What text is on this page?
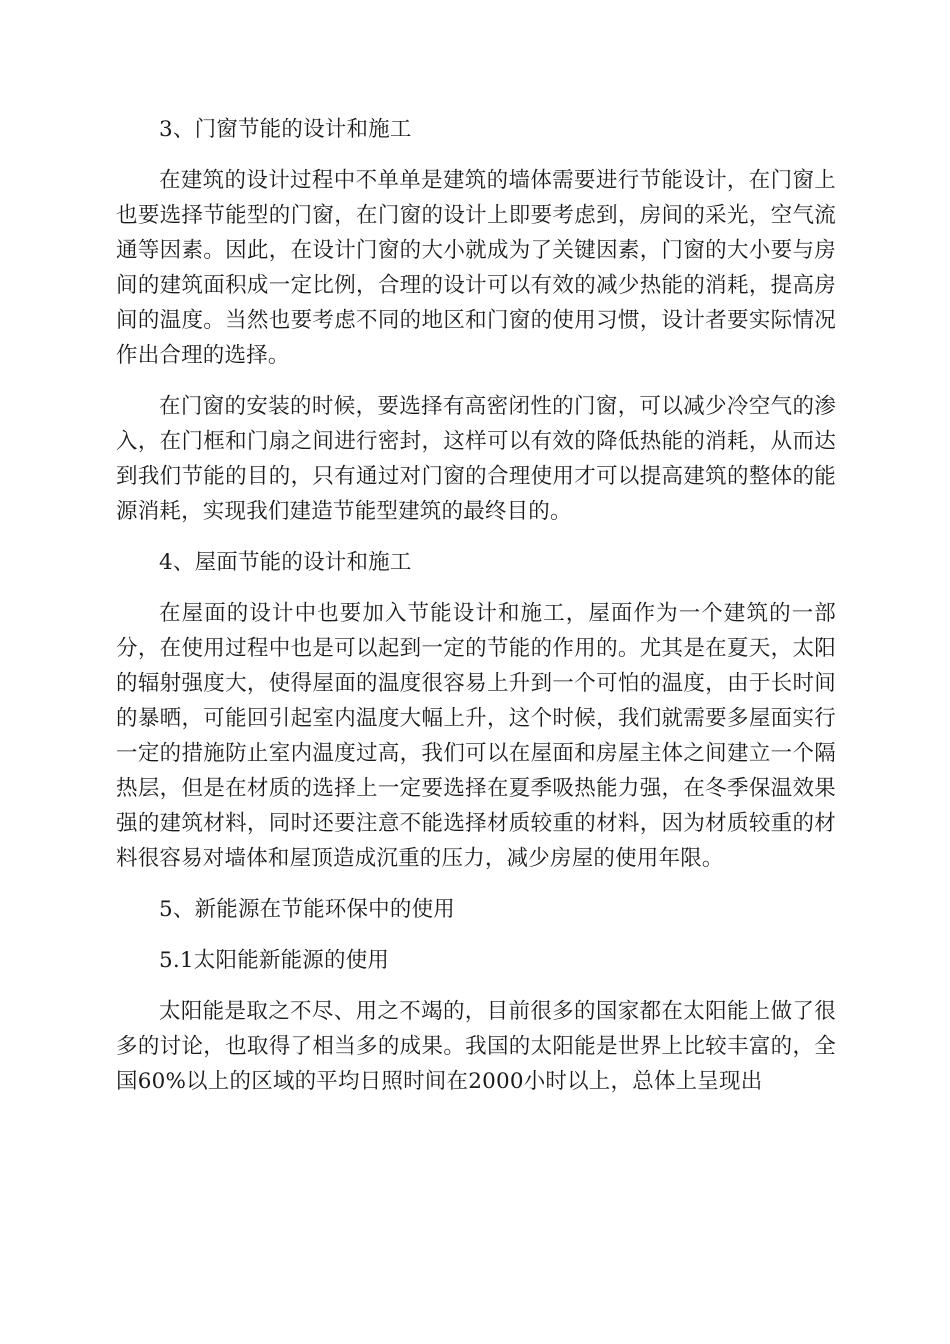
3、门窗节能的设计和施工

在建筑的设计过程中不单单是建筑的墙体需要进行节能设计，在门窗上也要选择节能型的门窗，在门窗的设计上即要考虑到，房间的采光，空气流通等因素。因此，在设计门窗的大小就成为了关键因素，门窗的大小要与房间的建筑面积成一定比例，合理的设计可以有效的减少热能的消耗，提高房间的温度。当然也要考虑不同的地区和门窗的使用习惯，设计者要实际情况作出合理的选择。

在门窗的安装的时候，要选择有高密闭性的门窗，可以减少冷空气的渗入，在门框和门扇之间进行密封，这样可以有效的降低热能的消耗，从而达到我们节能的目的，只有通过对门窗的合理使用才可以提高建筑的整体的能源消耗，实现我们建造节能型建筑的最终目的。

4、屋面节能的设计和施工

在屋面的设计中也要加入节能设计和施工，屋面作为一个建筑的一部分，在使用过程中也是可以起到一定的节能的作用的。尤其是在夏天，太阳的辐射强度大，使得屋面的温度很容易上升到一个可怕的温度，由于长时间的暴晒，可能回引起室内温度大幅上升，这个时候，我们就需要多屋面实行一定的措施防止室内温度过高，我们可以在屋面和房屋主体之间建立一个隔热层，但是在材质的选择上一定要选择在夏季吸热能力强，在冬季保温效果强的建筑材料，同时还要注意不能选择材质较重的材料，因为材质较重的材料很容易对墙体和屋顶造成沉重的压力，减少房屋的使用年限。

5、新能源在节能环保中的使用

5.1太阳能新能源的使用

太阳能是取之不尽、用之不竭的，目前很多的国家都在太阳能上做了很多的讨论，也取得了相当多的成果。我国的太阳能是世界上比较丰富的，全国60%以上的区域的平均日照时间在2000小时以上，总体上呈现出
